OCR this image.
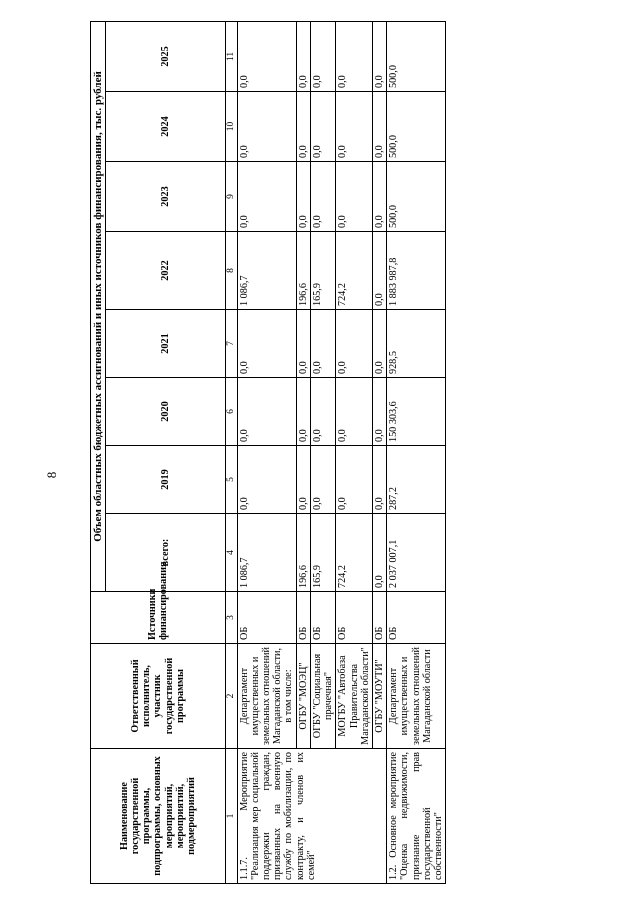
8
Наименование государственной программы, подпрограммы, основных мероприятий, мероприятий, подмероприятий	Ответственный исполнитель, участник государственной программы	Источники финансирования	Объем областных бюджетных ассигнований и иных источников финансирования, тыс. рублей							
			всего:	2019	2020	2021	2022	2023	2024	2025
1	2	3	4	5	6	7	8	9	10	11
1.1.7. Мероприятие "Реализация мер социальной поддержки граждан, призванных на военную службу по мобилизации, по контракту, и членов их семей"	Департамент имущественных и земельных отношений Магаданской области, в том числе:	ОБ	1 086,7	0,0	0,0	0,0	1 086,7	0,0	0,0	0,0
	ОГБУ "МОЭЦ"	ОБ	196,6	0,0	0,0	0,0	196,6	0,0	0,0	0,0
	ОГБУ "Социальная прачечная"	ОБ	165,9	0,0	0,0	0,0	165,9	0,0	0,0	0,0
	МОГБУ "Автобаза Правительства Магаданской области"	ОБ	724,2	0,0	0,0	0,0	724,2	0,0	0,0	0,0
	ОГБУ "МОУТИ"	ОБ	0,0	0,0	0,0	0,0	0,0	0,0	0,0	0,0
1.2. Основное мероприятие "Оценка недвижимости, признание прав государственной собственности"	Департамент имущественных и земельных отношений Магаданской области	ОБ	2 037 007,1	287,2	150 303,6	928,5	1 883 987,8	500,0	500,0	500,0
